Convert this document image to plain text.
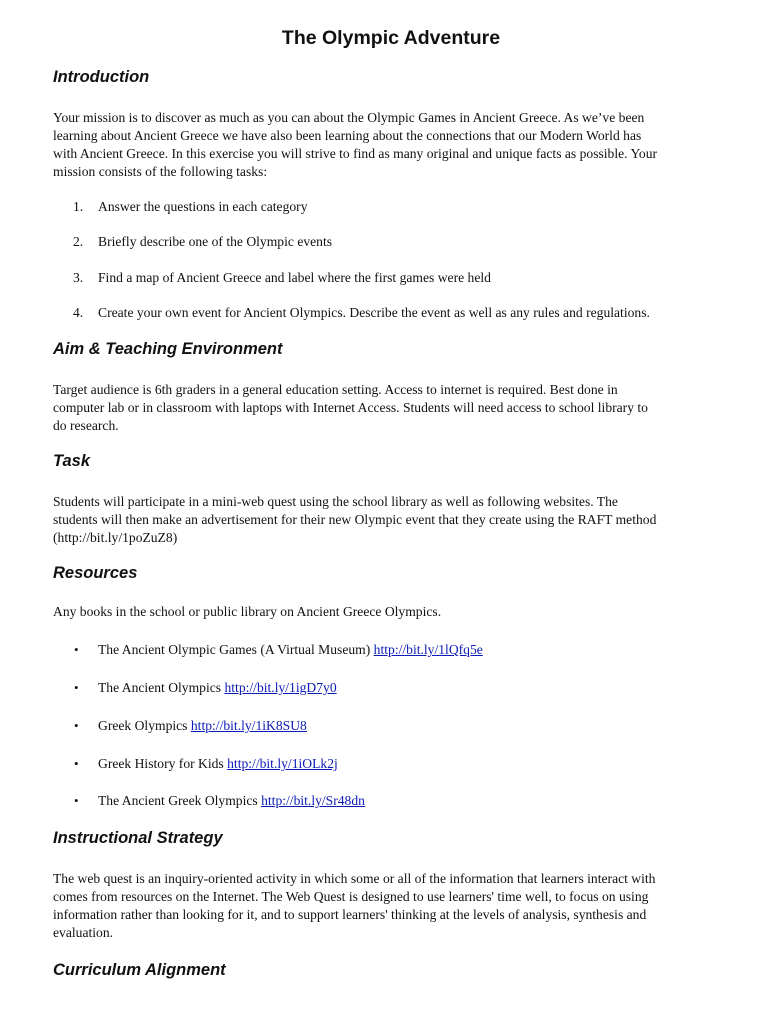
The Olympic Adventure
Introduction
Your mission is to discover as much as you can about the Olympic Games in Ancient Greece. As we’ve been
learning about Ancient Greece we have also been learning about the connections that our Modern World has
with Ancient Greece. In this exercise you will strive to find as many original and unique facts as possible. Your
mission consists of the following tasks:
1.	Answer the questions in each category
2.	Briefly describe one of the Olympic events
3.	Find a map of Ancient Greece and label where the first games were held
4.	Create your own event for Ancient Olympics. Describe the event as well as any rules and regulations.
Aim & Teaching Environment
Target audience is 6th graders in a general education setting. Access to internet is required. Best done in
computer lab or in classroom with laptops with Internet Access. Students will need access to school library to
do research.
Task
Students will participate in a mini-web quest using the school library as well as following websites. The
students will then make an advertisement for their new Olympic event that they create using the RAFT method
(http://bit.ly/1poZuZ8)
Resources
Any books in the school or public library on Ancient Greece Olympics.
• The Ancient Olympic Games (A Virtual Museum) http://bit.ly/1lQfq5e
• The Ancient Olympics http://bit.ly/1igD7y0
• Greek Olympics http://bit.ly/1iK8SU8
• Greek History for Kids http://bit.ly/1iOLk2j
• The Ancient Greek Olympics http://bit.ly/Sr48dn
Instructional Strategy
The web quest is an inquiry-oriented activity in which some or all of the information that learners interact with
comes from resources on the Internet. The Web Quest is designed to use learners' time well, to focus on using
information rather than looking for it, and to support learners' thinking at the levels of analysis, synthesis and
evaluation.
Curriculum Alignment
